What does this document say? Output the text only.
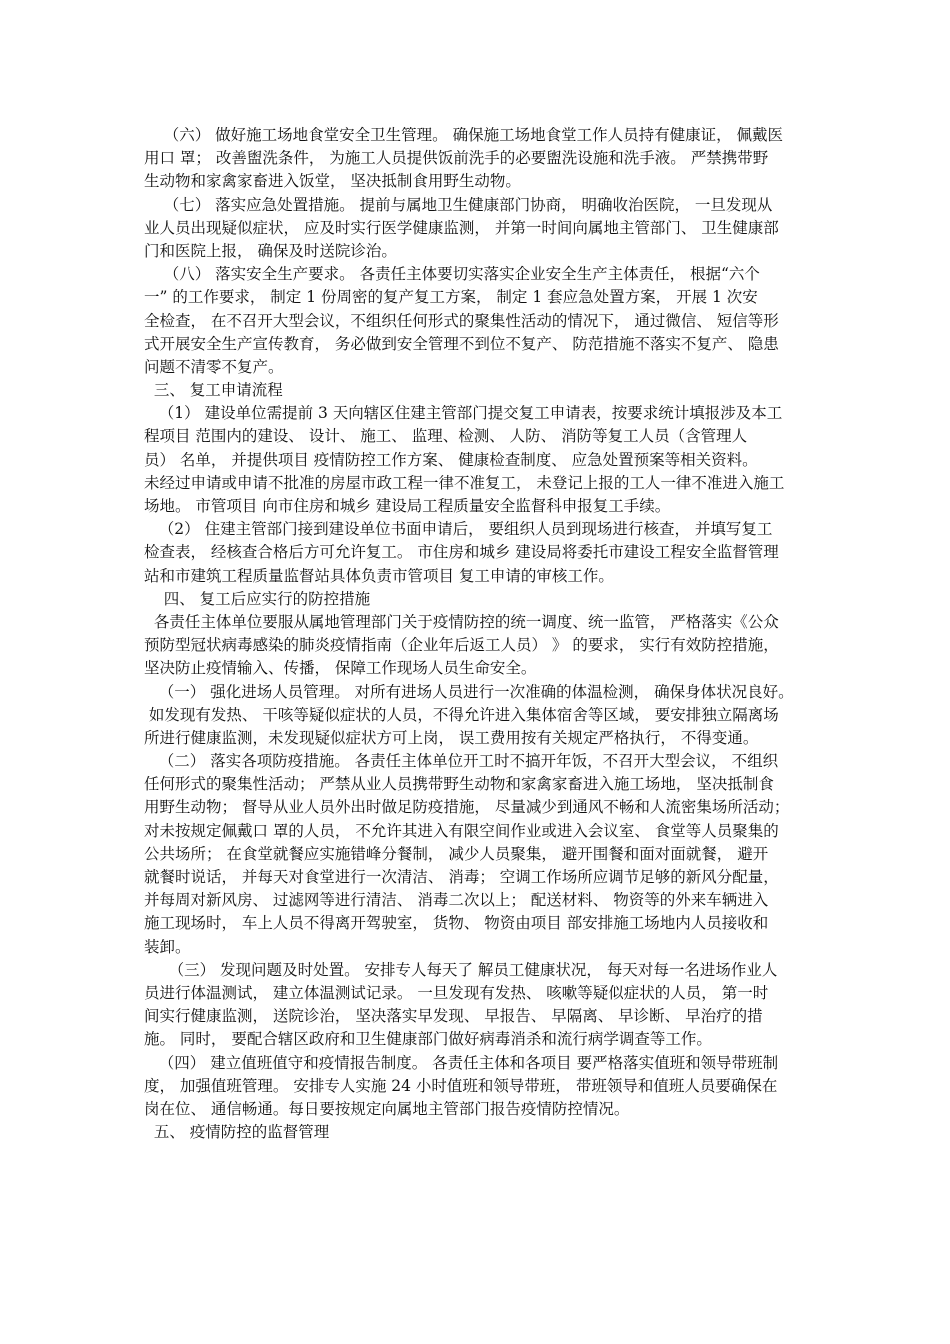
（六） 做好施工场地食堂安全卫生管理。 确保施工场地食堂工作人员持有健康证， 佩戴医
用口 罩； 改善盥洗条件， 为施工人员提供饭前洗手的必要盥洗设施和洗手液。 严禁携带野
生动物和家禽家畜进入饭堂， 坚决抵制食用野生动物。
（七） 落实应急处置措施。 提前与属地卫生健康部门协商， 明确收治医院， 一旦发现从
业人员出现疑似症状， 应及时实行医学健康监测， 并第一时间向属地主管部门、 卫生健康部
门和医院上报， 确保及时送院诊治。
（八） 落实安全生产要求。 各责任主体要切实落实企业安全生产主体责任， 根据“六个
一” 的工作要求， 制定 1 份周密的复产复工方案， 制定 1 套应急处置方案， 开展 1 次安
全检查， 在不召开大型会议，不组织任何形式的聚集性活动的情况下， 通过微信、 短信等形
式开展安全生产宣传教育， 务必做到安全管理不到位不复产、 防范措施不落实不复产、 隐患
问题不清零不复产。
三、 复工申请流程
（1） 建设单位需提前 3 天向辖区住建主管部门提交复工申请表，按要求统计填报涉及本工
程项目 范围内的建设、 设计、 施工、 监理、检测、 人防、 消防等复工人员（含管理人
员） 名单， 并提供项目 疫情防控工作方案、 健康检查制度、 应急处置预案等相关资料。
未经过申请或申请不批准的房屋市政工程一律不准复工， 未登记上报的工人一律不准进入施工
场地。 市管项目 向市住房和城乡 建设局工程质量安全监督科申报复工手续。
（2） 住建主管部门接到建设单位书面申请后， 要组织人员到现场进行核查， 并填写复工
检查表， 经核查合格后方可允许复工。 市住房和城乡 建设局将委托市建设工程安全监督管理
站和市建筑工程质量监督站具体负责市管项目 复工申请的审核工作。
四、 复工后应实行的防控措施
各责任主体单位要服从属地管理部门关于疫情防控的统一调度、统一监管， 严格落实《公众
预防型冠状病毒感染的肺炎疫情指南（企业年后返工人员） 》 的要求， 实行有效防控措施，
坚决防止疫情输入、传播， 保障工作现场人员生命安全。
（一） 强化进场人员管理。 对所有进场人员进行一次准确的体温检测， 确保身体状况良好。
如发现有发热、 干咳等疑似症状的人员，不得允许进入集体宿舍等区域， 要安排独立隔离场
所进行健康监测，未发现疑似症状方可上岗， 误工费用按有关规定严格执行， 不得变通。
（二） 落实各项防疫措施。 各责任主体单位开工时不搞开年饭，不召开大型会议， 不组织
任何形式的聚集性活动； 严禁从业人员携带野生动物和家禽家畜进入施工场地， 坚决抵制食
用野生动物； 督导从业人员外出时做足防疫措施， 尽量减少到通风不畅和人流密集场所活动；
对未按规定佩戴口 罩的人员， 不允许其进入有限空间作业或进入会议室、 食堂等人员聚集的
公共场所； 在食堂就餐应实施错峰分餐制， 减少人员聚集， 避开围餐和面对面就餐， 避开
就餐时说话， 并每天对食堂进行一次清洁、 消毒； 空调工作场所应调节足够的新风分配量，
并每周对新风房、 过滤网等进行清洁、 消毒二次以上； 配送材料、 物资等的外来车辆进入
施工现场时， 车上人员不得离开驾驶室， 货物、 物资由项目 部安排施工场地内人员接收和
装卸。
（三） 发现问题及时处置。 安排专人每天了 解员工健康状况， 每天对每一名进场作业人
员进行体温测试， 建立体温测试记录。 一旦发现有发热、 咳嗽等疑似症状的人员， 第一时
间实行健康监测， 送院诊治， 坚决落实早发现、 早报告、 早隔离、 早诊断、 早治疗的措
施。 同时， 要配合辖区政府和卫生健康部门做好病毒消杀和流行病学调查等工作。
（四） 建立值班值守和疫情报告制度。 各责任主体和各项目 要严格落实值班和领导带班制
度， 加强值班管理。 安排专人实施 24 小时值班和领导带班， 带班领导和值班人员要确保在
岗在位、 通信畅通。每日要按规定向属地主管部门报告疫情防控情况。
五、 疫情防控的监督管理
